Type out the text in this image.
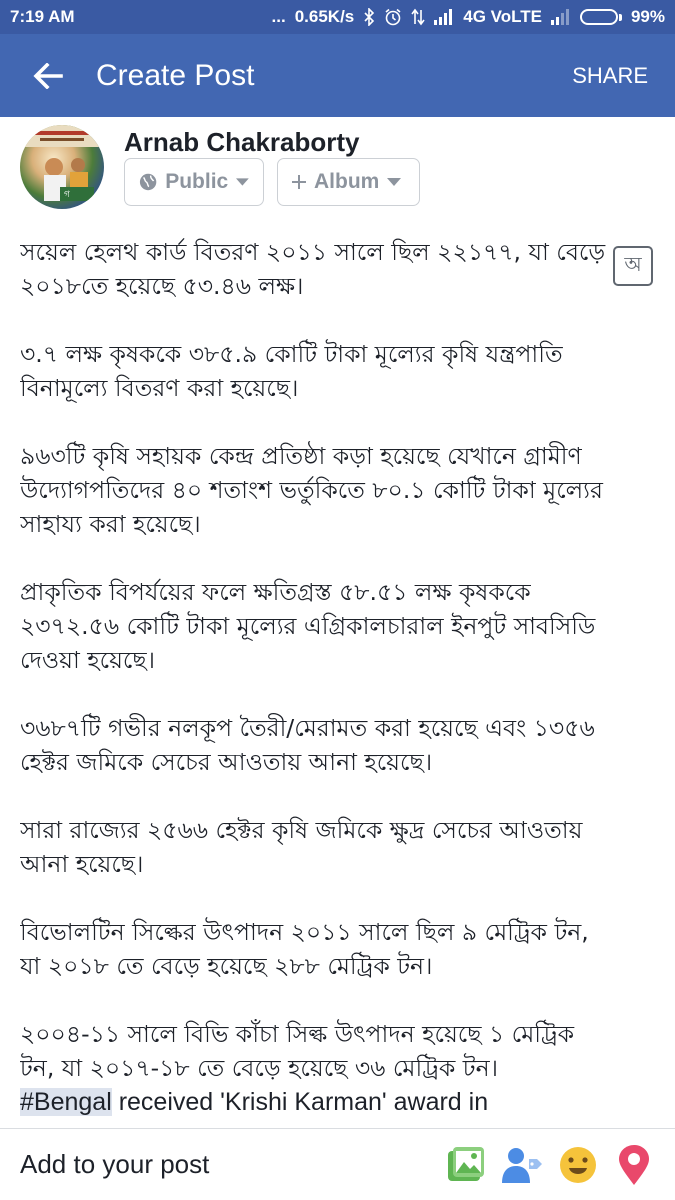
7:19 AM	... 0.65K/s	4G VoLTE	99%
Create Post	SHARE
গ
Arnab Chakraborty
Public	Album
অ

সয়েল হেলথ কার্ড বিতরণ ২০১১ সালে ছিল ২২১৭৭, যা বেড়ে ২০১৮তে হয়েছে ৫৩.৪৬ লক্ষ।

৩.৭ লক্ষ কৃষককে ৩৮৫.৯ কোটি টাকা মূল্যের কৃষি যন্ত্রপাতি বিনামূল্যে বিতরণ করা হয়েছে।

৯৬৩টি কৃষি সহায়ক কেন্দ্র প্রতিষ্ঠা কড়া হয়েছে যেখানে গ্রামীণ উদ্যোগপতিদের ৪০ শতাংশ ভর্তুকিতে ৮০.১ কোটি টাকা মূল্যের সাহায্য করা হয়েছে।

প্রাকৃতিক বিপর্যয়ের ফলে ক্ষতিগ্রস্ত ৫৮.৫১ লক্ষ কৃষককে ২৩৭২.৫৬ কোটি টাকা মূল্যের এগ্রিকালচারাল ইনপুট সাবসিডি দেওয়া হয়েছে।

৩৬৮৭টি গভীর নলকূপ তৈরী/মেরামত করা হয়েছে এবং ১৩৫৬ হেক্টর জমিকে সেচের আওতায় আনা হয়েছে।

সারা রাজ্যের ২৫৬৬ হেক্টর কৃষি জমিকে ক্ষুদ্র সেচের আওতায় আনা হয়েছে।

বিভোলটিন সিল্কের উৎপাদন ২০১১ সালে ছিল ৯ মেট্রিক টন, যা ২০১৮ তে বেড়ে হয়েছে ২৮৮ মেট্রিক টন।

২০০৪-১১ সালে বিভি কাঁচা সিল্ক উৎপাদন হয়েছে ১ মেট্রিক টন, যা ২০১৭-১৮ তে বেড়ে হয়েছে ৩৬ মেট্রিক টন।

#Bengal received 'Krishi Karman' award in

Add to your post
